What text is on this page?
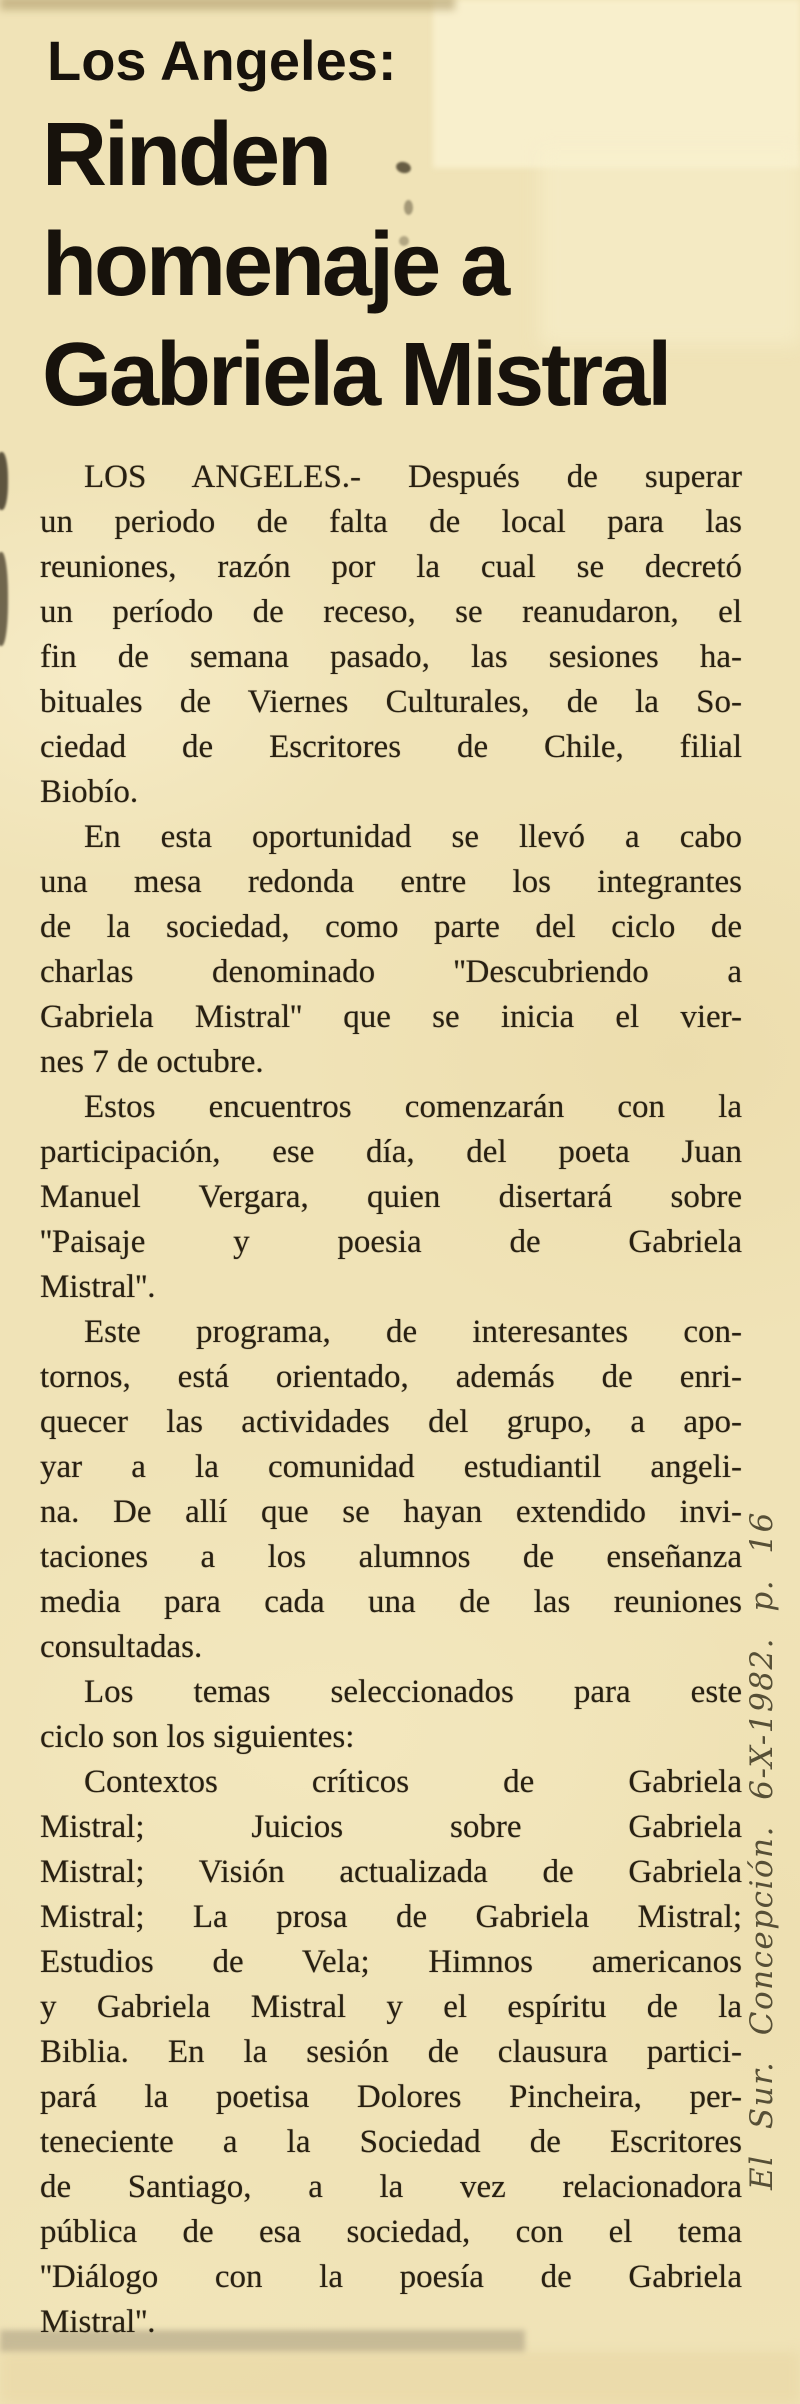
Los Angeles:
Rinden
homenaje a
Gabriela Mistral
LOS ANGELES.- Después de superar
un periodo de falta de local para las
reuniones, razón por la cual se decretó
un período de receso, se reanudaron, el
fin de semana pasado, las sesiones ha-
bituales de Viernes Culturales, de la So-
ciedad de Escritores de Chile, filial
Biobío.
En esta oportunidad se llevó a cabo
una mesa redonda entre los integrantes
de la sociedad, como parte del ciclo de
charlas denominado ''Descubriendo a
Gabriela Mistral'' que se inicia el vier-
nes 7 de octubre.
Estos encuentros comenzarán con la
participación, ese día, del poeta Juan
Manuel Vergara, quien disertará sobre
''Paisaje y poesia de Gabriela
Mistral''.
Este programa, de interesantes con-
tornos, está orientado, además de enri-
quecer las actividades del grupo, a apo-
yar a la comunidad estudiantil angeli-
na. De allí que se hayan extendido invi-
taciones a los alumnos de enseñanza
media para cada una de las reuniones
consultadas.
Los temas seleccionados para este
ciclo son los siguientes:
Contextos críticos de Gabriela
Mistral; Juicios sobre Gabriela
Mistral; Visión actualizada de Gabriela
Mistral; La prosa de Gabriela Mistral;
Estudios de Vela; Himnos americanos
y Gabriela Mistral y el espíritu de la
Biblia. En la sesión de clausura partici-
pará la poetisa Dolores Pincheira, per-
teneciente a la Sociedad de Escritores
de Santiago, a la vez relacionadora
pública de esa sociedad, con el tema
''Diálogo con la poesía de Gabriela
Mistral''.
El Sur. Concepción. 6-X-1982. p. 16
